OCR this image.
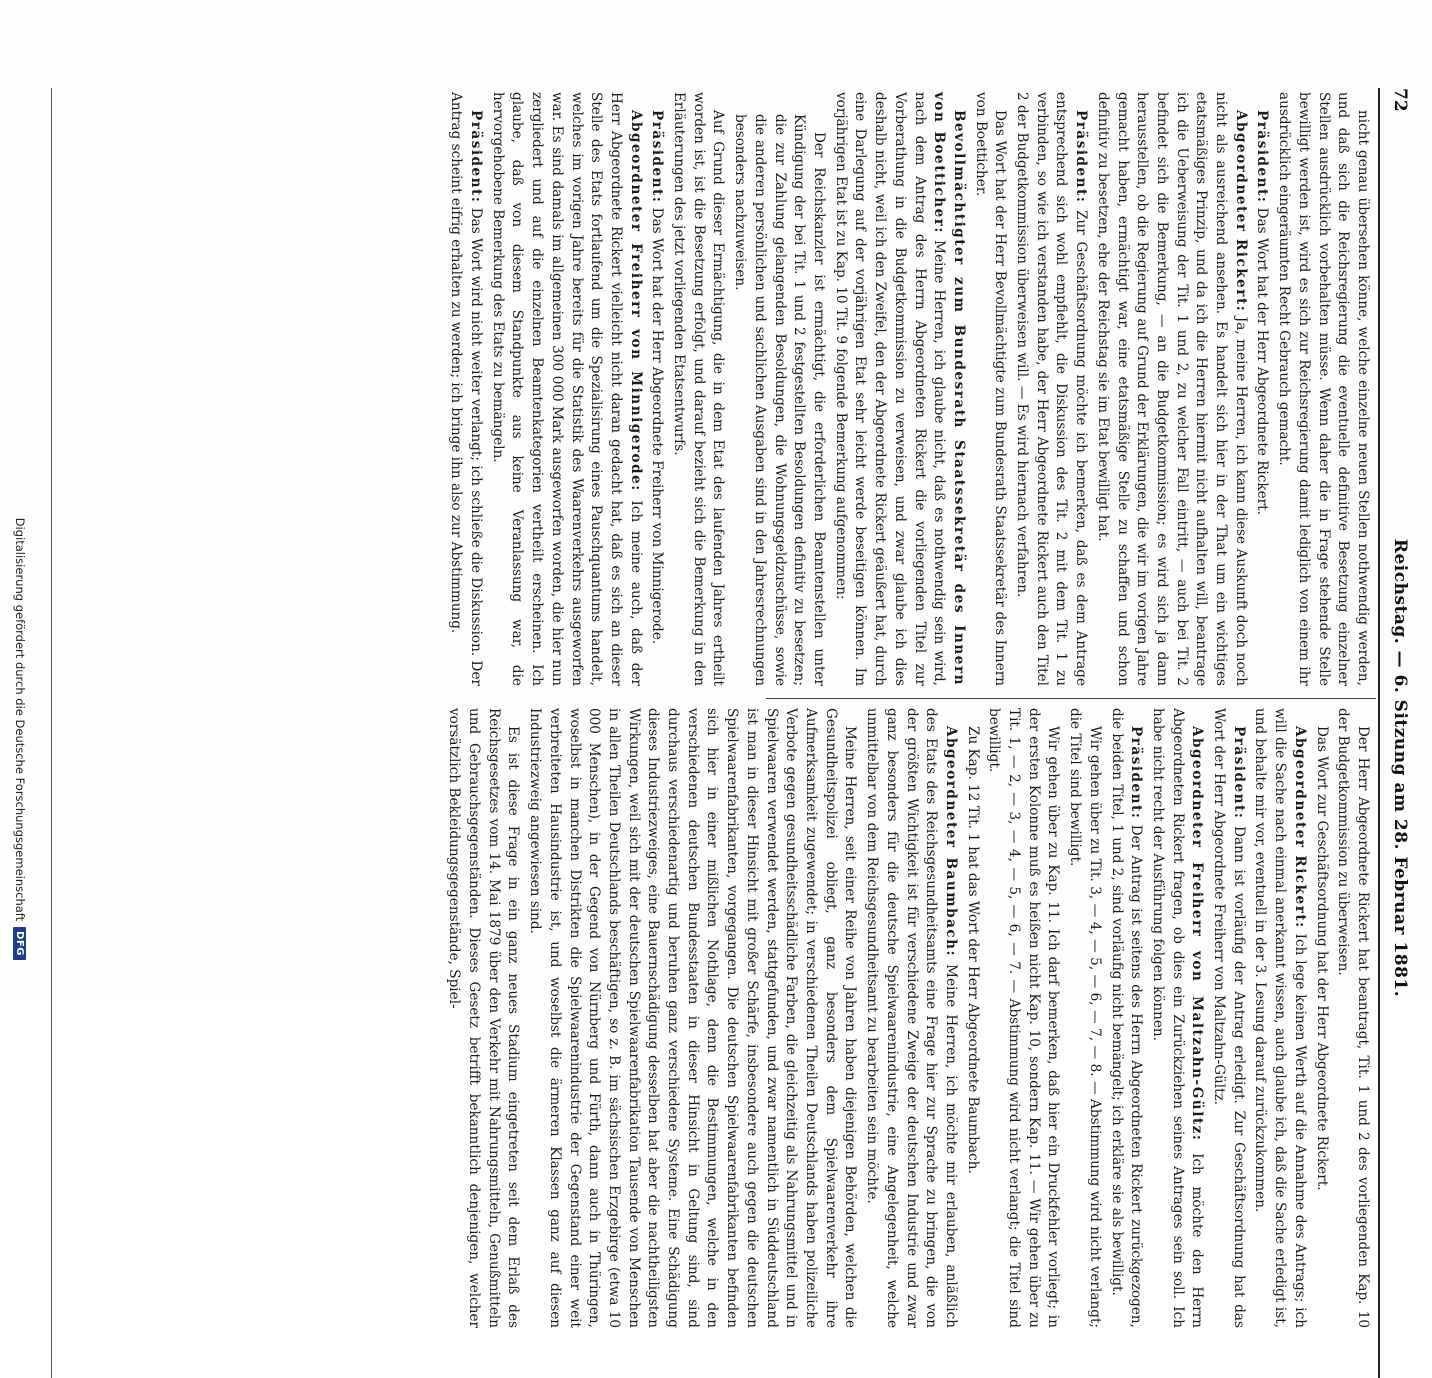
72
Reichstag. — 6. Sitzung am 28. Februar 1881.

nicht genau übersehen könne, welche einzelne neuen Stellen nothwendig werden, und daß sich die Reichsregierung die eventuelle definitive Besetzung einzelner Stellen ausdrücklich vorbehalten müsse. Wenn daher die in Frage stehende Stelle bewilligt werden ist, wird es sich zur Reichsregierung damit lediglich von einem ihr ausdrücklich eingeräumten Recht Gebrauch gemacht.

Präsident: Das Wort hat der Herr Abgeordnete Rickert.

Abgeordneter Rickert: Ja, meine Herren, ich kann diese Auskunft doch noch nicht als ausreichend ansehen. Es handelt sich hier in der That um ein wichtiges etatsmäßiges Prinzip, und da ich die Herren hiermit nicht aufhalten will, beantrage ich die Ueberweisung der Tit. 1 und 2, zu welcher Fall eintritt, — auch bei Tit. 2 befindet sich die Bemerkung, — an die Budgetkommission; es wird sich ja dann herausstellen, ob die Regierung auf Grund der Erklärungen, die wir im vorigen Jahre gemacht haben, ermächtigt war, eine etatsmäßige Stelle zu schaffen und schon definitiv zu besetzen, ehe der Reichstag sie im Etat bewilligt hat.

Präsident: Zur Geschäftsordnung möchte ich bemerken, daß es dem Antrage entsprechend sich wohl empfiehlt, die Diskussion des Tit. 2 mit dem Tit. 1 zu verbinden, so wie ich verstanden habe, der Herr Abgeordnete Rickert auch den Titel 2 der Budgetkommission überweisen will. — Es wird hiernach verfahren.

Das Wort hat der Herr Bevollmächtigte zum Bundesrath Staatssekretär des Innern von Boetticher.

Bevollmächtigter zum Bundesrath Staatssekretär des Innern von Boetticher: Meine Herren, ich glaube nicht, daß es nothwendig sein wird, nach dem Antrag des Herrn Abgeordneten Rickert die vorliegenden Titel zur Vorberathung in die Budgetkommission zu verweisen, und zwar glaube ich dies deshalb nicht, weil ich den Zweifel, den der Abgeordnete Rickert geäußert hat, durch eine Darlegung auf der vorjährigen Etat sehr leicht werde beseitigen können. Im vorjährigen Etat ist zu Kap. 10 Tit. 9 folgende Bemerkung aufgenommen:

Der Reichskanzler ist ermächtigt, die erforderlichen Beamtenstellen unter Kündigung der bei Tit. 1 und 2 festgestellten Besoldungen definitiv zu besetzen; die zur Zahlung gelangenden Besoldungen, die Wohnungsgeldzuschüsse, sowie die anderen persönlichen und sachlichen Ausgaben sind in den Jahresrechnungen besonders nachzuweisen.

Auf Grund dieser Ermächtigung, die in dem Etat des laufenden Jahres ertheilt worden ist, ist die Besetzung erfolgt, und darauf bezieht sich die Bemerkung in den Erläuterungen des jetzt vorliegenden Etatsentwurfs.

Präsident: Das Wort hat der Herr Abgeordnete Freiherr von Minnigerode.

Abgeordneter Freiherr von Minnigerode: Ich meine auch, daß der Herr Abgeordnete Rickert vielleicht nicht daran gedacht hat, daß es sich an dieser Stelle des Etats fortlaufend um die Spezialisirung eines Pauschquantums handelt, welches im vorigen Jahre bereits für die Statistik des Waarenverkehrs ausgeworfen war. Es sind damals im allgemeinen 300 000 Mark ausgeworfen worden, die hier nun zergliedert und auf die einzelnen Beamtenkategorien vertheilt erscheinen. Ich glaube, daß von diesem Standpunkte aus keine Veranlassung war, die hervorgehobene Bemerkung des Etats zu bemängeln.

Präsident: Das Wort wird nicht weiter verlangt; ich schließe die Diskussion. Der Antrag scheint eifrig erhalten zu werden; ich bringe ihn also zur Abstimmung.

Der Herr Abgeordnete Rickert hat beantragt, Tit. 1 und 2 des vorliegenden Kap. 10 der Budgetkommission zu überweisen.

Das Wort zur Geschäftsordnung hat der Herr Abgeordnete Rickert.

Abgeordneter Rickert: Ich lege keinen Werth auf die Annahme des Antrags; ich will die Sache nach einmal anerkannt wissen, auch glaube ich, daß die Sache erledigt ist, und behalte mir vor, eventuell in der 3. Lesung darauf zurückzukommen.

Präsident: Dann ist vorläufig der Antrag erledigt. Zur Geschäftsordnung hat das Wort der Herr Abgeordnete Freiherr von Maltzahn-Gültz.

Abgeordneter Freiherr von Maltzahn-Gültz: Ich möchte den Herrn Abgeordneten Rickert fragen, ob dies ein Zurückziehen seines Antrages sein soll. Ich habe nicht recht der Ausführung folgen können.

Präsident: Der Antrag ist seitens des Herrn Abgeordneten Rickert zurückgezogen, die beiden Titel, 1 und 2, sind vorläufig nicht bemängelt; ich erkläre sie als bewilligt.

Wir gehen über zu Tit. 3, — 4, — 5, — 6, — 7, — 8. — Abstimmung wird nicht verlangt; die Titel sind bewilligt.

Wir gehen über zu Kap. 11. Ich darf bemerken, daß hier ein Druckfehler vorliegt; in der ersten Kolonne muß es heißen nicht Kap. 10, sondern Kap. 11. — Wir gehen über zu Tit. 1, — 2, — 3, — 4, — 5, — 6, — 7. — Abstimmung wird nicht verlangt; die Titel sind bewilligt.

Zu Kap. 12 Tit. 1 hat das Wort der Herr Abgeordnete Baumbach.

Abgeordneter Baumbach: Meine Herren, ich möchte mir erlauben, anläßlich des Etats des Reichsgesundheitsamts eine Frage hier zur Sprache zu bringen, die von der größten Wichtigkeit ist für verschiedene Zweige der deutschen Industrie und zwar ganz besonders für die deutsche Spielwaarenindustrie, eine Angelegenheit, welche unmittelbar von dem Reichsgesundheitsamt zu bearbeiten sein möchte.

Meine Herren, seit einer Reihe von Jahren haben diejenigen Behörden, welchen die Gesundheitspolizei obliegt, ganz besonders dem Spielwaarenverkehr ihre Aufmerksamkeit zugewendet; in verschiedenen Theilen Deutschlands haben polizeiliche Verbote gegen gesundheitsschädliche Farben, die gleichzeitig als Nahrungsmittel und in Spielwaaren verwendet werden, stattgefunden, und zwar namentlich in Süddeutschland ist man in dieser Hinsicht mit großer Schärfe, insbesondere auch gegen die deutschen Spielwaarenfabrikanten, vorgegangen. Die deutschen Spielwaarenfabrikanten befinden sich hier in einer mißlichen Nothlage, denn die Bestimmungen, welche in den verschiedenen deutschen Bundesstaaten in dieser Hinsicht in Geltung sind, sind durchaus verschiedenartig und beruhen ganz verschiedene Systeme. Eine Schädigung dieses Industriezweiges, eine Bauernschädigung desselben hat aber die nachtheiligsten Wirkungen, weil sich mit der deutschen Spielwaarenfabrikation Tausende von Menschen in allen Theilen Deutschlands beschäftigen, so z. B. im sächsischen Erzgebirge (etwa 10 000 Menschen), in der Gegend von Nürnberg und Fürth, dann auch in Thüringen, woselbst in manchen Distrikten die Spielwaarenindustrie der Gegenstand einer weit verbreiteten Hausindustrie ist, und woselbst die ärmeren Klassen ganz auf diesen Industriezweig angewiesen sind.

Es ist diese Frage in ein ganz neues Stadium eingetreten seit dem Erlaß des Reichsgesetzes vom 14. Mai 1879 über den Verkehr mit Nahrungsmitteln, Genußmitteln und Gebrauchsgegenständen. Dieses Gesetz betrifft bekanntlich denjenigen, welcher vorsätzlich Bekleidungsgegenstände, Spiel-

Digitalisierung gefördert durch die Deutsche Forschungsgemeinschaft
DFG
